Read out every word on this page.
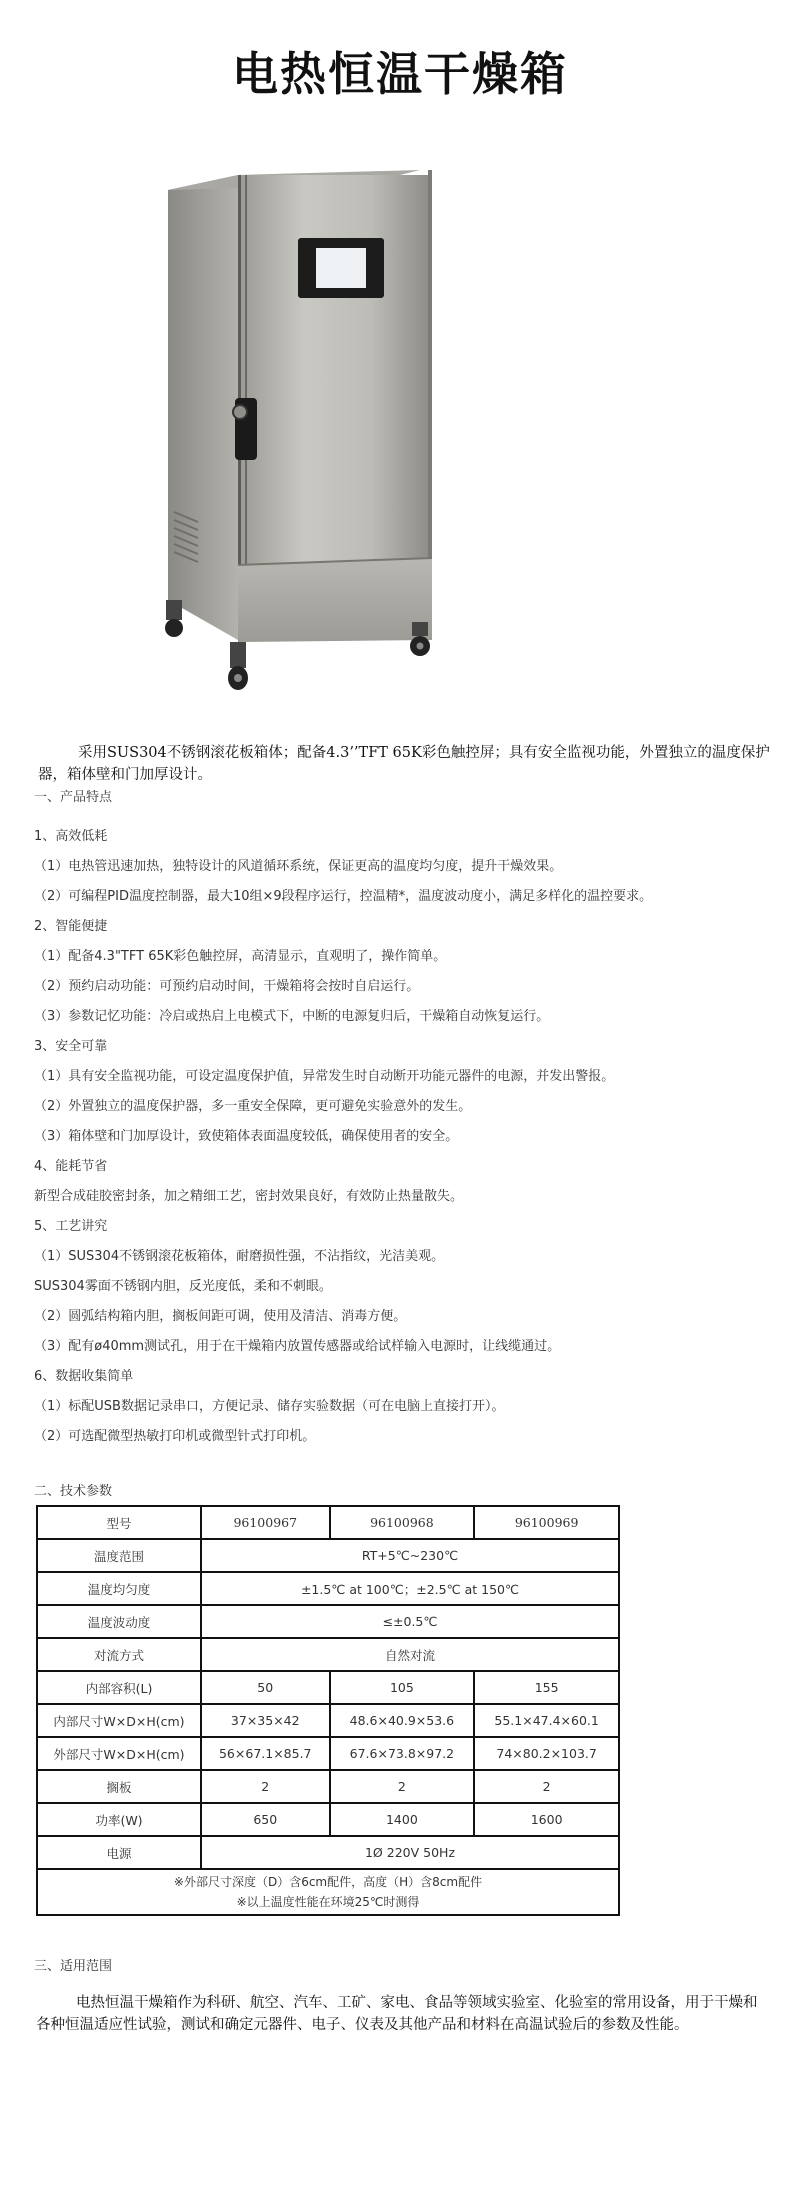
电热恒温干燥箱
采用SUS304不锈钢滚花板箱体；配备4.3’’TFT 65K彩色触控屏；具有安全监视功能，外置独立的温度保护器，箱体壁和门加厚设计。
一、产品特点
1、高效低耗
（1）电热管迅速加热，独特设计的风道循环系统，保证更高的温度均匀度，提升干燥效果。
（2）可编程PID温度控制器，最大10组×9段程序运行，控温精*，温度波动度小，满足多样化的温控要求。
2、智能便捷
（1）配备4.3"TFT 65K彩色触控屏，高清显示，直观明了，操作简单。
（2）预约启动功能：可预约启动时间，干燥箱将会按时自启运行。
（3）参数记忆功能：冷启或热启上电模式下，中断的电源复归后，干燥箱自动恢复运行。
3、安全可靠
（1）具有安全监视功能，可设定温度保护值，异常发生时自动断开功能元器件的电源，并发出警报。
（2）外置独立的温度保护器，多一重安全保障，更可避免实验意外的发生。
（3）箱体壁和门加厚设计，致使箱体表面温度较低，确保使用者的安全。
4、能耗节省
新型合成硅胶密封条，加之精细工艺，密封效果良好，有效防止热量散失。
5、工艺讲究
（1）SUS304不锈钢滚花板箱体，耐磨损性强，不沾指纹，光洁美观。
SUS304雾面不锈钢内胆，反光度低，柔和不刺眼。
（2）圆弧结构箱内胆，搁板间距可调，使用及清洁、消毒方便。
（3）配有ø40mm测试孔，用于在干燥箱内放置传感器或给试样输入电源时，让线缆通过。
6、数据收集简单
（1）标配USB数据记录串口，方便记录、储存实验数据（可在电脑上直接打开）。
（2）可选配微型热敏打印机或微型针式打印机。
二、技术参数
型号	96100967	96100968	96100969
温度范围	RT+5℃~230℃		
温度均匀度	±1.5℃ at 100℃；±2.5℃ at 150℃		
温度波动度	≤±0.5℃		
对流方式	自然对流		
内部容积(L)	50	105	155
内部尺寸W×D×H(cm)	37×35×42	48.6×40.9×53.6	55.1×47.4×60.1
外部尺寸W×D×H(cm)	56×67.1×85.7	67.6×73.8×97.2	74×80.2×103.7
搁板	2	2	2
功率(W)	650	1400	1600
电源	1Ø 220V 50Hz		

※外部尺寸深度（D）含6cm配件，高度（H）含8cm配件
※以上温度性能在环境25℃时测得			
三、适用范围
电热恒温干燥箱作为科研、航空、汽车、工矿、家电、食品等领域实验室、化验室的常用设备，用于干燥和各种恒温适应性试验，测试和确定元器件、电子、仪表及其他产品和材料在高温试验后的参数及性能。
